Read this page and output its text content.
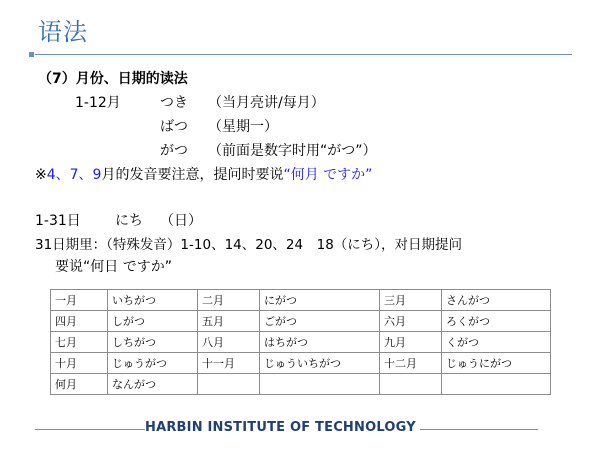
语法
（7）月份、日期的读法
1-12月	つき （当月亮讲/每月）
ばつ （星期一）
がつ （前面是数字时用“がつ”）
※4、7、9月的发音要注意，提问时要说“何月 ですか”
1-31日 にち （日）
31日期里：（特殊发音）1-10、14、20、24　18（にち），对日期提问
要说“何日 ですか”
一月	いちがつ	二月	にがつ	三月	さんがつ
四月	しがつ	五月	ごがつ	六月	ろくがつ
七月	しちがつ	八月	はちがつ	九月	くがつ
十月	じゅうがつ	十一月	じゅういちがつ	十二月	じゅうにがつ
何月	なんがつ				
HARBIN INSTITUTE OF TECHNOLOGY
